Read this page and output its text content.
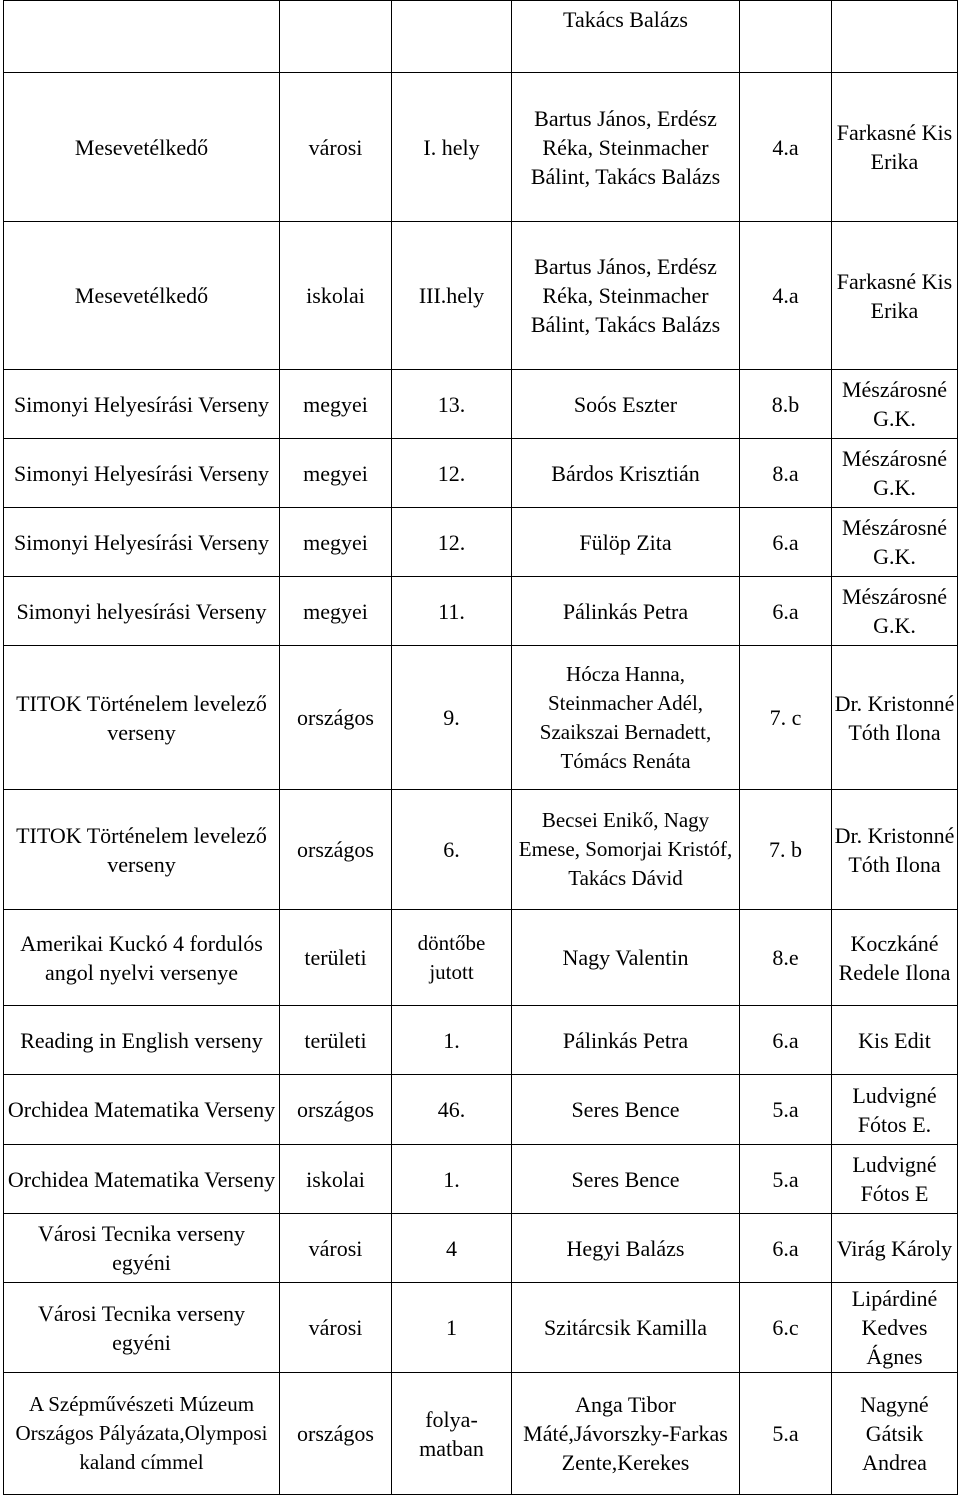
			Takács Balázs		
Mesevetélkedő	városi	I. hely	Bartus János, Erdész Réka, Steinmacher Bálint, Takács Balázs	4.a	Farkasné Kis Erika
Mesevetélkedő	iskolai	III.hely	Bartus János, Erdész Réka, Steinmacher Bálint, Takács Balázs	4.a	Farkasné Kis Erika
Simonyi Helyesírási Verseny	megyei	13.	Soós Eszter	8.b	Mészárosné G.K.
Simonyi Helyesírási Verseny	megyei	12.	Bárdos Krisztián	8.a	Mészárosné G.K.
Simonyi Helyesírási Verseny	megyei	12.	Fülöp Zita	6.a	Mészárosné G.K.
Simonyi helyesírási Verseny	megyei	11.	Pálinkás Petra	6.a	Mészárosné G.K.
TITOK Történelem levelező verseny	országos	9.	Hócza Hanna, Steinmacher Adél, Szaikszai Bernadett, Tómács Renáta	7. c	Dr. Kristonné Tóth Ilona
TITOK Történelem levelező verseny	országos	6.	Becsei Enikő, Nagy Emese, Somorjai Kristóf, Takács Dávid	7. b	Dr. Kristonné Tóth Ilona
Amerikai Kuckó 4 fordulós angol nyelvi versenye	területi	döntőbe jutott	Nagy Valentin	8.e	Koczkáné Redele Ilona
Reading in English verseny	területi	1.	Pálinkás Petra	6.a	Kis Edit
Orchidea Matematika Verseny	országos	46.	Seres Bence	5.a	Ludvigné Fótos E.
Orchidea Matematika Verseny	iskolai	1.	Seres Bence	5.a	Ludvigné Fótos E
Városi Tecnika verseny egyéni	városi	4	Hegyi Balázs	6.a	Virág Károly
Városi Tecnika verseny egyéni	városi	1	Szitárcsik Kamilla	6.c	Lipárdiné Kedves Ágnes
A Szépművészeti Múzeum Országos Pályázata,Olymposi kaland címmel	országos	folya-matban	Anga Tibor Máté,Jávorszky-Farkas Zente,Kerekes	5.a	Nagyné Gátsik Andrea
